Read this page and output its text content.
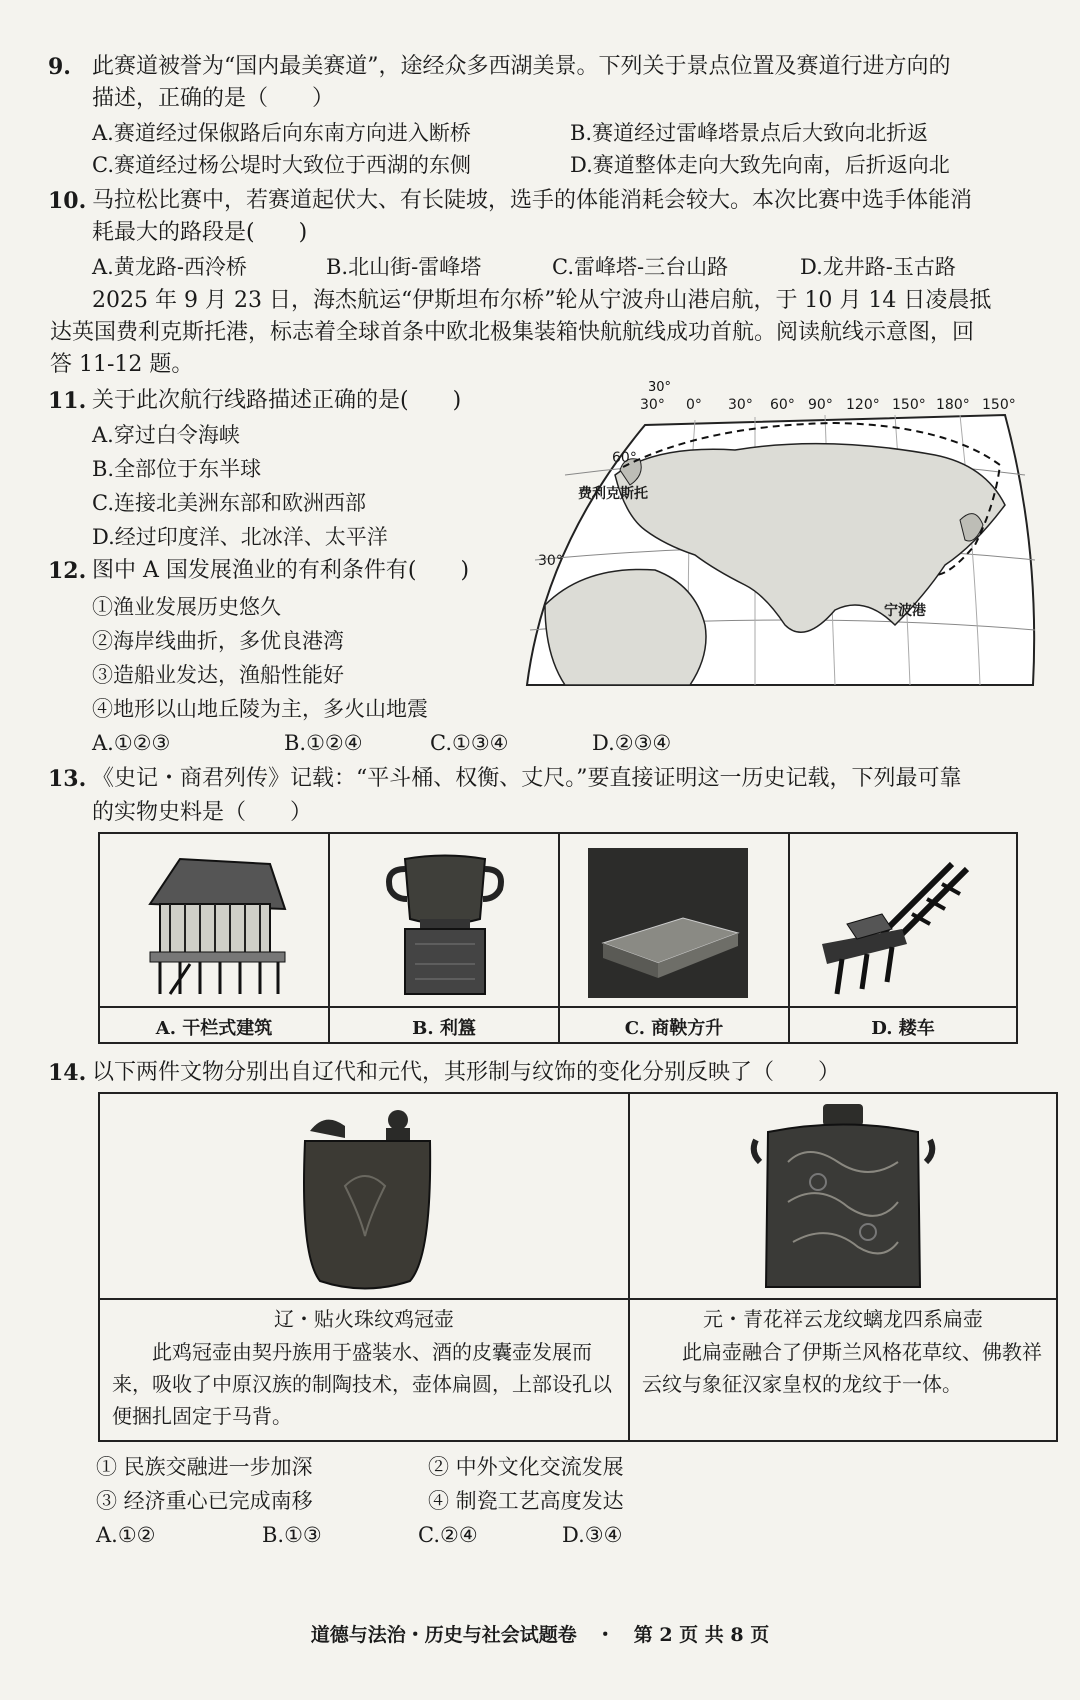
9. 此赛道被誉为“国内最美赛道”，途经众多西湖美景。下列关于景点位置及赛道行进方向的
描述，正确的是（　　）
A.赛道经过保俶路后向东南方向进入断桥	B.赛道经过雷峰塔景点后大致向北折返
C.赛道经过杨公堤时大致位于西湖的东侧	D.赛道整体走向大致先向南，后折返向北
10. 马拉松比赛中，若赛道起伏大、有长陡坡，选手的体能消耗会较大。本次比赛中选手体能消
耗最大的路段是(　　)
A.黄龙路-西泠桥	B.北山街-雷峰塔	C.雷峰塔-三台山路	D.龙井路-玉古路
2025 年 9 月 23 日，海杰航运“伊斯坦布尔桥”轮从宁波舟山港启航，于 10 月 14 日凌晨抵
达英国费利克斯托港，标志着全球首条中欧北极集装箱快航航线成功首航。阅读航线示意图，回
答 11-12 题。
11. 关于此次航行线路描述正确的是(　　)
A.穿过白令海峡
B.全部位于东半球
C.连接北美洲东部和欧洲西部
D.经过印度洋、北冰洋、太平洋
12. 图中 A 国发展渔业的有利条件有(　　)
①渔业发展历史悠久
②海岸线曲折，多优良港湾
③造船业发达，渔船性能好
④地形以山地丘陵为主，多火山地震
A.①②③	B.①②④	C.①③④	D.②③④
30°
30° 0° 30° 60° 90° 120° 150° 180° 150°
60°
30°
费利克斯托
宁波港
13. 《史记・商君列传》记载：“平斗桶、权衡、丈尺。”要直接证明这一历史记载，下列最可靠
的实物史料是（　　）
A. 干栏式建筑	B. 利簋	C. 商鞅方升	D. 耧车
14. 以下两件文物分别出自辽代和元代，其形制与纹饰的变化分别反映了（　　）
辽・贴火珠纹鸡冠壶
此鸡冠壶由契丹族用于盛装水、酒的皮囊壶发展而来，吸收了中原汉族的制陶技术，壶体扁圆，上部设孔以便捆扎固定于马背。
元・青花祥云龙纹螭龙四系扁壶
此扁壶融合了伊斯兰风格花草纹、佛教祥云纹与象征汉家皇权的龙纹于一体。
① 民族交融进一步加深	② 中外文化交流发展
③ 经济重心已完成南移	④ 制瓷工艺高度发达
A.①②	B.①③	C.②④	D.③④
道德与法治・历史与社会试题卷　・　第 2 页 共 8 页
